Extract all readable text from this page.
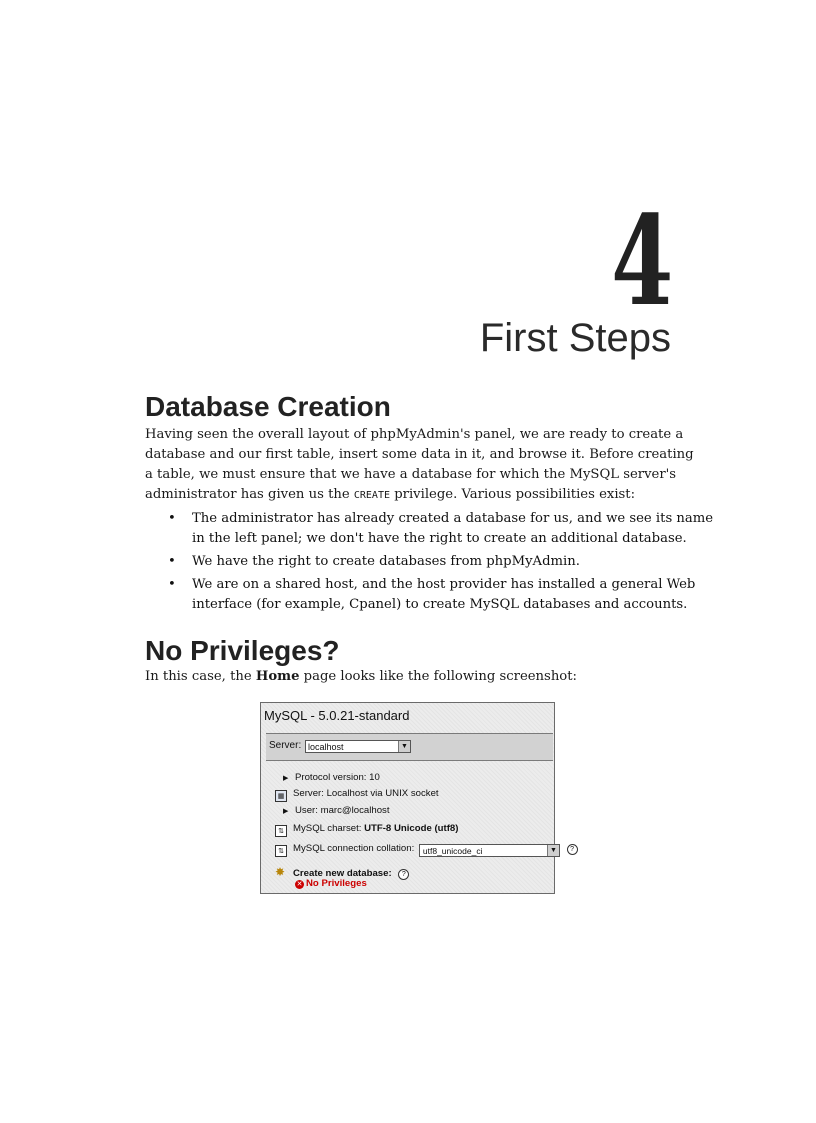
4
First Steps
Database Creation

Having seen the overall layout of phpMyAdmin's panel, we are ready to create a
database and our first table, insert some data in it, and browse it. Before creating
a table, we must ensure that we have a database for which the MySQL server's
administrator has given us the CREATE privilege. Various possibilities exist:

• The administrator has already created a database for us, and we see its name
in the left panel; we don't have the right to create an additional database.
• We have the right to create databases from phpMyAdmin.
• We are on a shared host, and the host provider has installed a general Web
interface (for example, Cpanel) to create MySQL databases and accounts.
No Privileges?

In this case, the Home page looks like the following screenshot:

MySQL - 5.0.21-standard
Server: localhost	▼
▶ Protocol version: 10
▦ Server: Localhost via UNIX socket
▶ User: marc@localhost
⇅ MySQL charset: UTF-8 Unicode (utf8)
⇅ MySQL connection collation: utf8_unicode_ci	▼ ?
✸ Create new database: ?
✕ No Privileges
